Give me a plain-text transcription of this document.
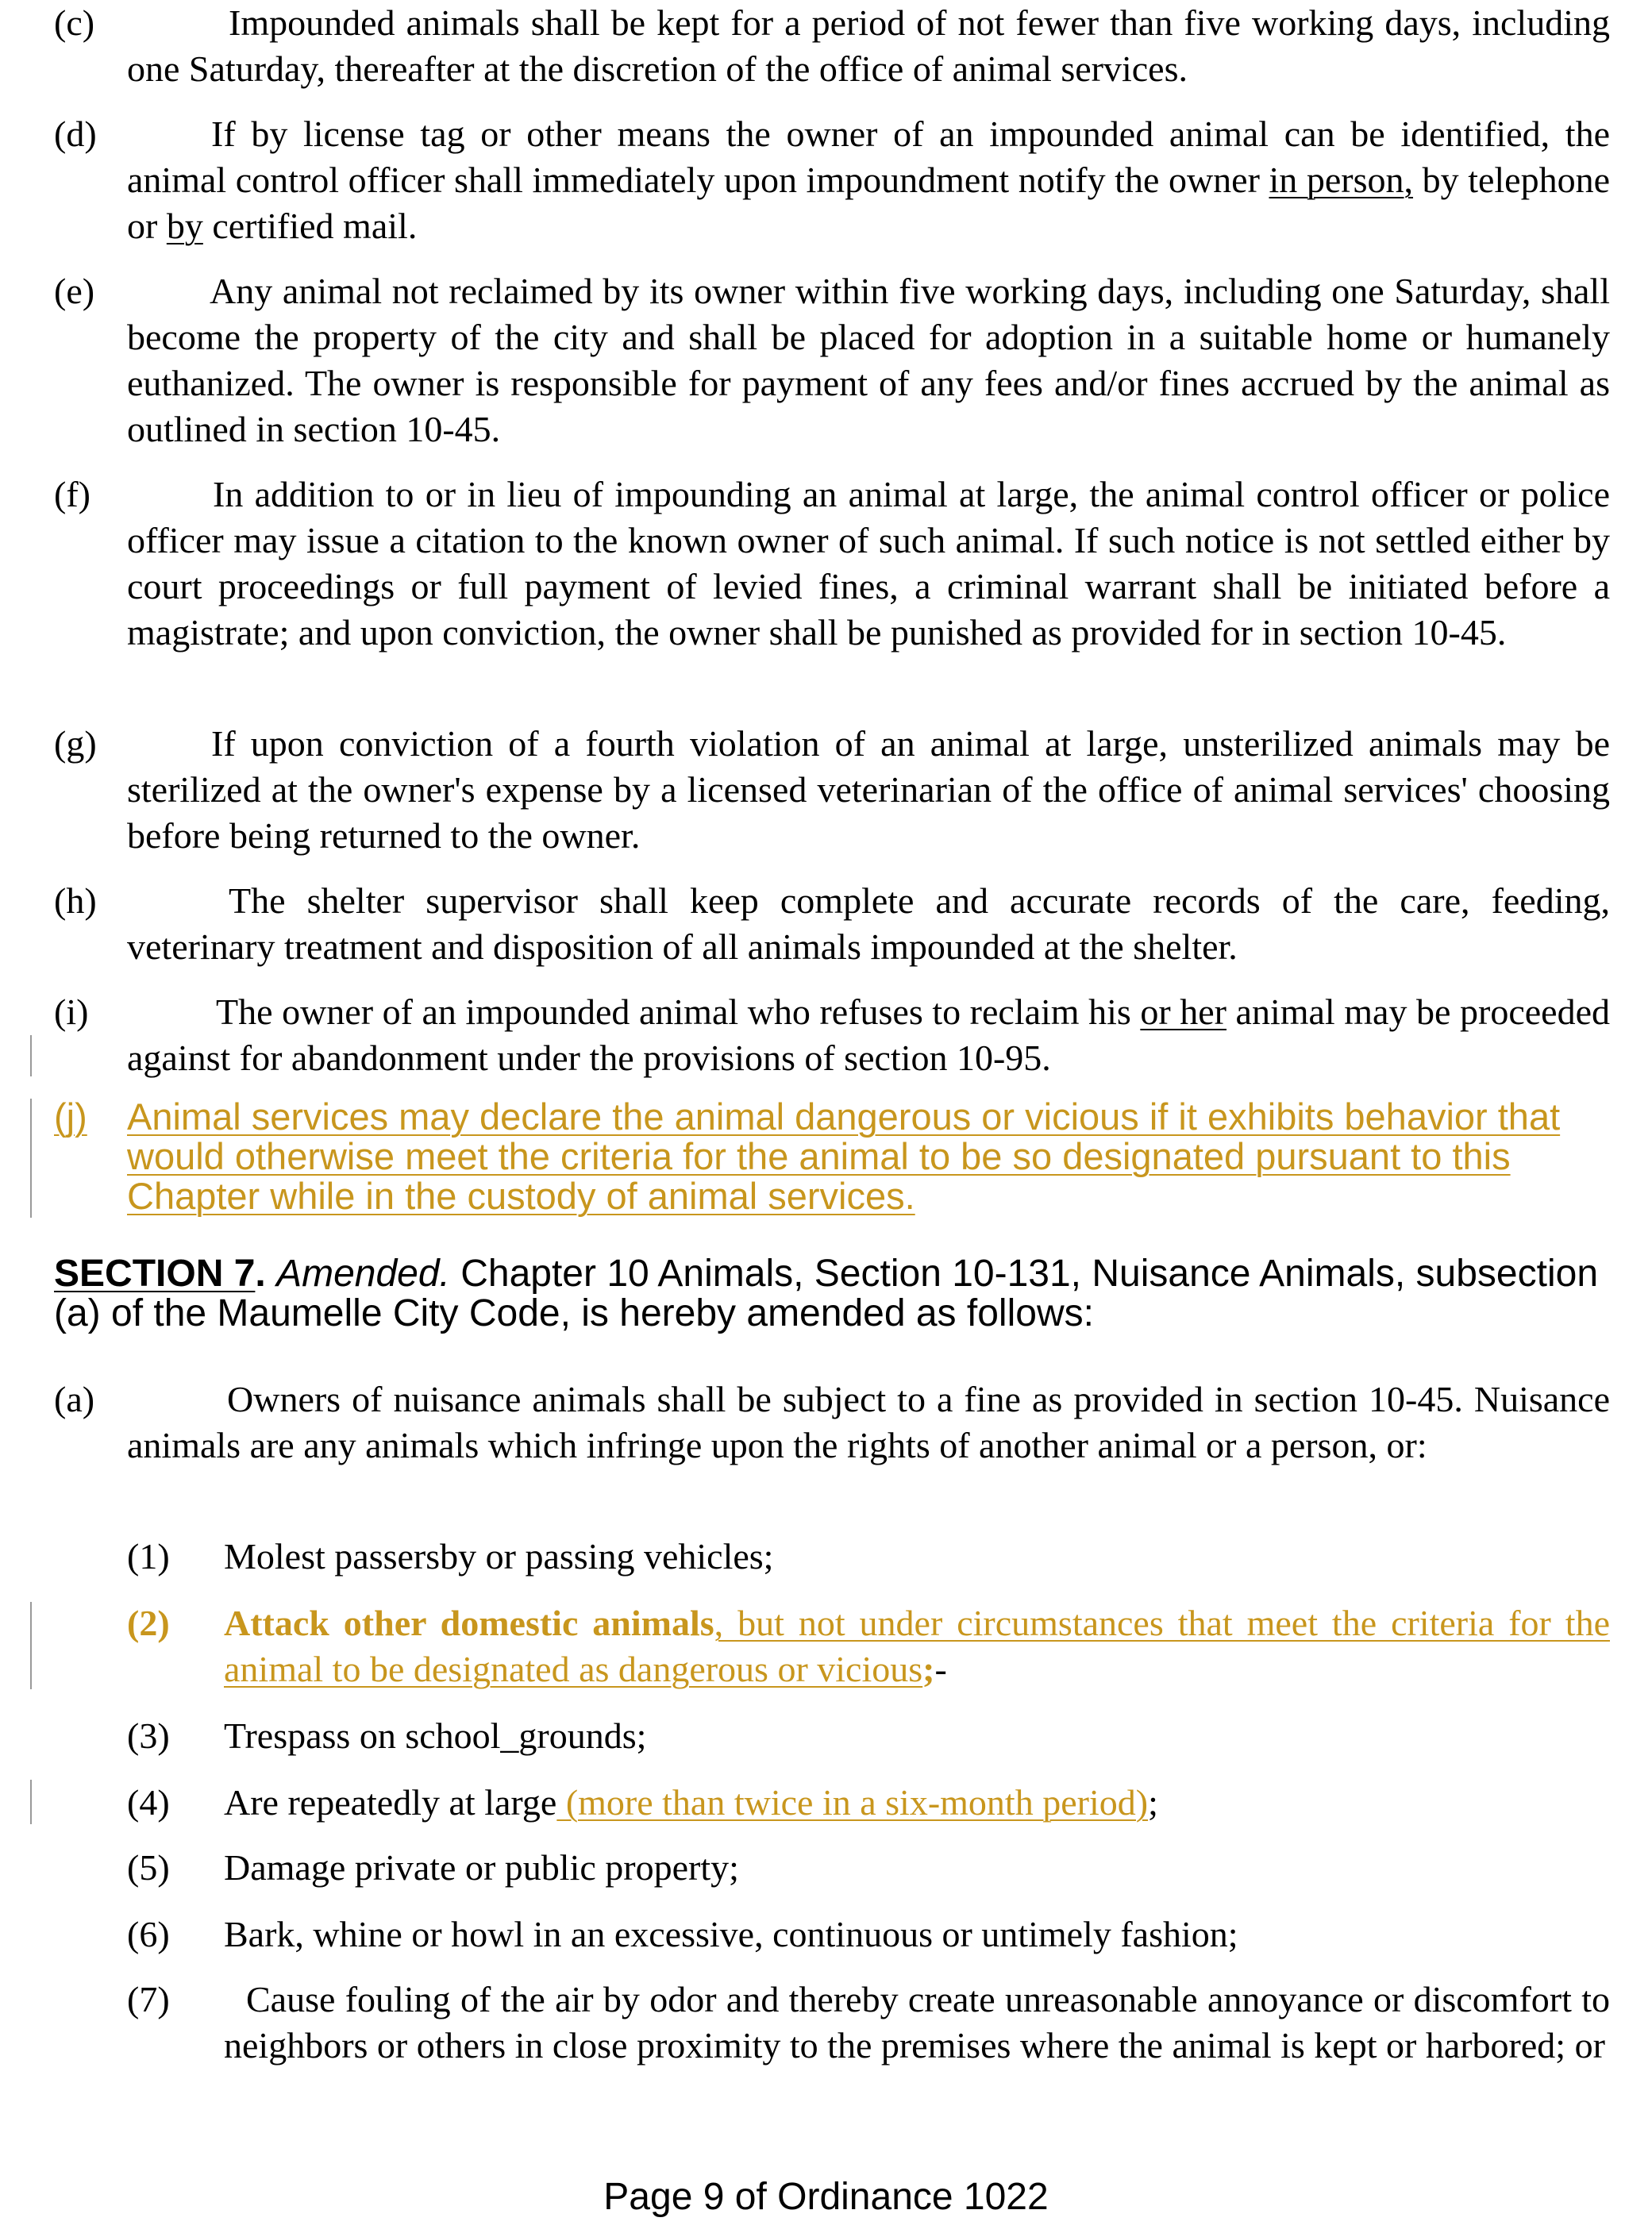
(c)	Impounded animals shall be kept for a period of not fewer than five working days, including one Saturday, thereafter at the discretion of the office of animal services.
(d)	If by license tag or other means the owner of an impounded animal can be identified, the animal control officer shall immediately upon impoundment notify the owner in person, by telephone or by certified mail.
(e)	Any animal not reclaimed by its owner within five working days, including one Saturday, shall become the property of the city and shall be placed for adoption in a suitable home or humanely euthanized. The owner is responsible for payment of any fees and/or fines accrued by the animal as outlined in section 10-45.
(f)	In addition to or in lieu of impounding an animal at large, the animal control officer or police officer may issue a citation to the known owner of such animal. If such notice is not settled either by court proceedings or full payment of levied fines, a criminal warrant shall be initiated before a magistrate; and upon conviction, the owner shall be punished as provided for in section 10-45.
(g)	If upon conviction of a fourth violation of an animal at large, unsterilized animals may be sterilized at the owner's expense by a licensed veterinarian of the office of animal services' choosing before being returned to the owner.
(h)	The shelter supervisor shall keep complete and accurate records of the care, feeding, veterinary treatment and disposition of all animals impounded at the shelter.
(i)	The owner of an impounded animal who refuses to reclaim his or her animal may be proceeded against for abandonment under the provisions of section 10-95.
(j) Animal services may declare the animal dangerous or vicious if it exhibits behavior that would otherwise meet the criteria for the animal to be so designated pursuant to this Chapter while in the custody of animal services.
SECTION 7. Amended. Chapter 10 Animals, Section 10-131, Nuisance Animals, subsection (a) of the Maumelle City Code, is hereby amended as follows:
(a)	Owners of nuisance animals shall be subject to a fine as provided in section 10-45. Nuisance animals are any animals which infringe upon the rights of another animal or a person, or:
(1) Molest passersby or passing vehicles;
(2) Attack other domestic animals, but not under circumstances that meet the criteria for the animal to be designated as dangerous or vicious;-
(3) Trespass on school_grounds;
(4) Are repeatedly at large (more than twice in a six-month period);
(5) Damage private or public property;
(6) Bark, whine or howl in an excessive, continuous or untimely fashion;
(7)	Cause fouling of the air by odor and thereby create unreasonable annoyance or discomfort to neighbors or others in close proximity to the premises where the animal is kept or harbored; or
Page 9 of Ordinance 1022
